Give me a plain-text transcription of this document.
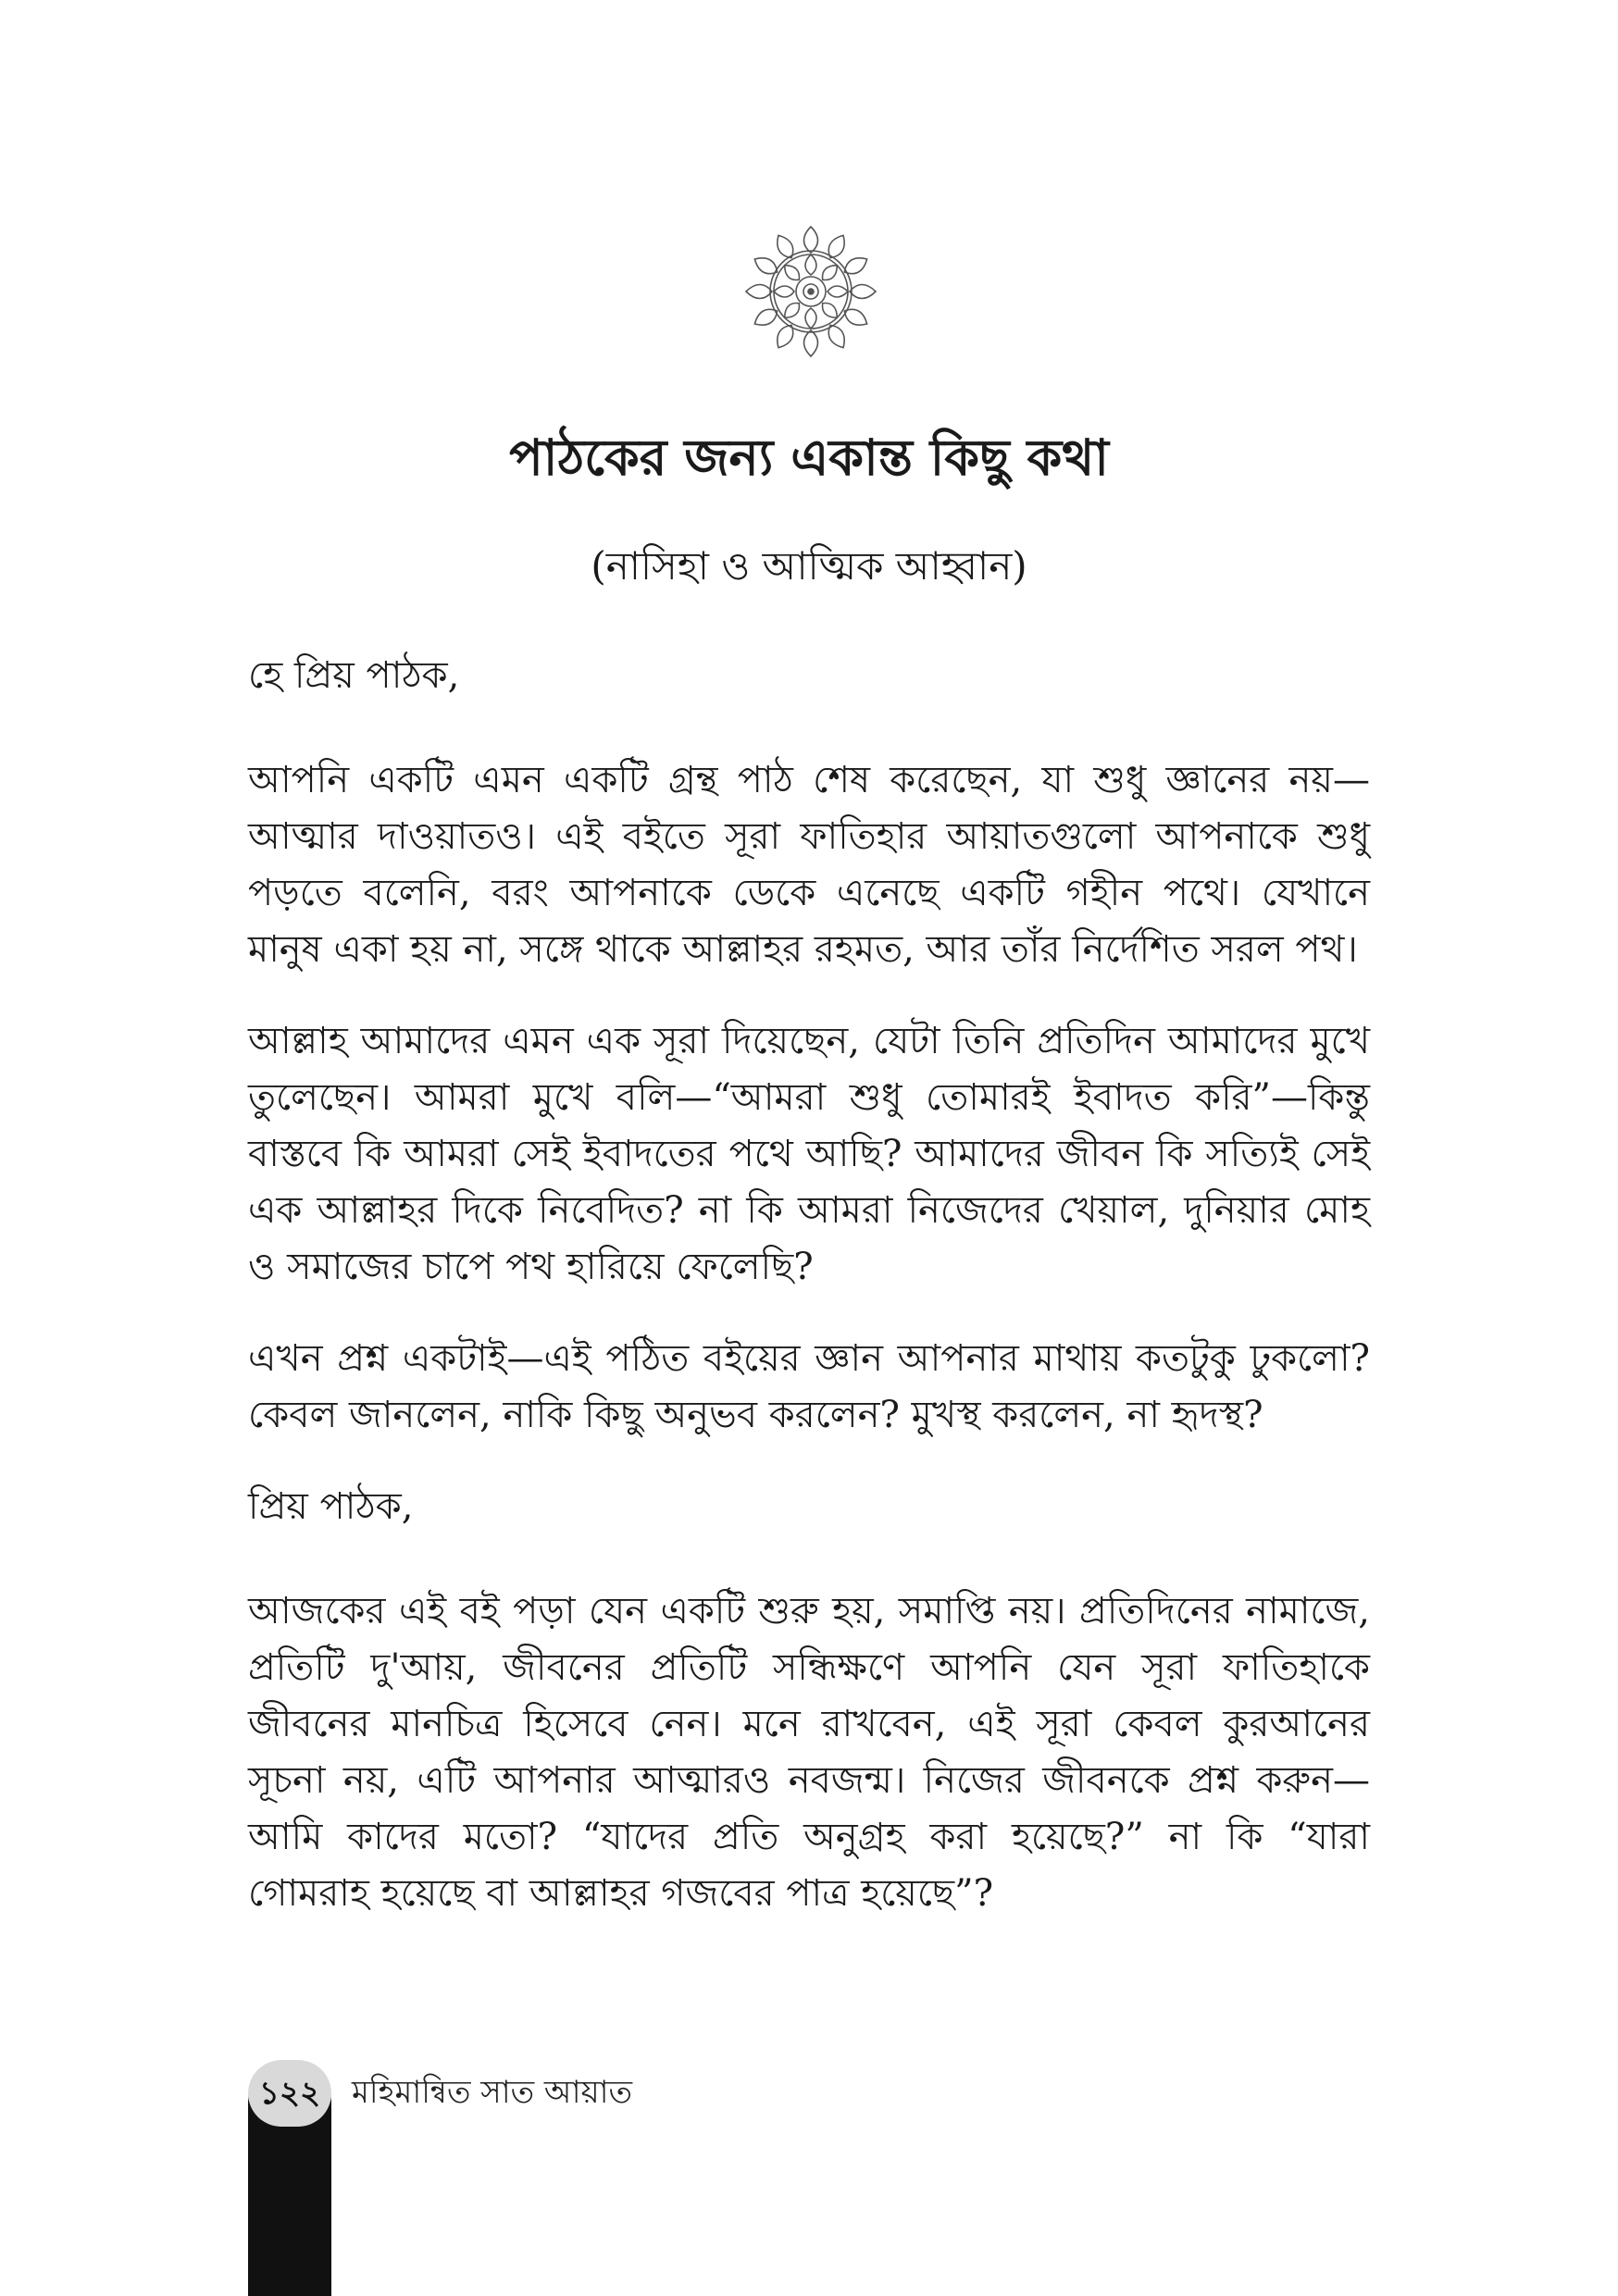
পাঠকের জন্য একান্ত কিছু কথা
(নাসিহা ও আত্মিক আহ্বান)

হে প্রিয় পাঠক,

আপনি একটি এমন একটি গ্রন্থ পাঠ শেষ করেছেন, যা শুধু জ্ঞানের নয়—আত্মার দাওয়াতও। এই বইতে সূরা ফাতিহার আয়াতগুলো আপনাকে শুধু পড়তে বলেনি, বরং আপনাকে ডেকে এনেছে একটি গহীন পথে। যেখানে মানুষ একা হয় না, সঙ্গে থাকে আল্লাহর রহমত, আর তাঁর নির্দেশিত সরল পথ।

আল্লাহ আমাদের এমন এক সূরা দিয়েছেন, যেটা তিনি প্রতিদিন আমাদের মুখে তুলেছেন। আমরা মুখে বলি—“আমরা শুধু তোমারই ইবাদত করি”—কিন্তু বাস্তবে কি আমরা সেই ইবাদতের পথে আছি? আমাদের জীবন কি সত্যিই সেই এক আল্লাহর দিকে নিবেদিত? না কি আমরা নিজেদের খেয়াল, দুনিয়ার মোহ ও সমাজের চাপে পথ হারিয়ে ফেলেছি?

এখন প্রশ্ন একটাই—এই পঠিত বইয়ের জ্ঞান আপনার মাথায় কতটুকু ঢুকলো? কেবল জানলেন, নাকি কিছু অনুভব করলেন? মুখস্থ করলেন, না হৃদস্থ?

প্রিয় পাঠক,

আজকের এই বই পড়া যেন একটি শুরু হয়, সমাপ্তি নয়। প্রতিদিনের নামাজে, প্রতিটি দু'আয়, জীবনের প্রতিটি সন্ধিক্ষণে আপনি যেন সূরা ফাতিহাকে জীবনের মানচিত্র হিসেবে নেন। মনে রাখবেন, এই সূরা কেবল কুরআনের সূচনা নয়, এটি আপনার আত্মারও নবজন্ম। নিজের জীবনকে প্রশ্ন করুন—আমি কাদের মতো? “যাদের প্রতি অনুগ্রহ করা হয়েছে?” না কি “যারা গোমরাহ হয়েছে বা আল্লাহর গজবের পাত্র হয়েছে”?

১২২ মহিমান্বিত সাত আয়াত
